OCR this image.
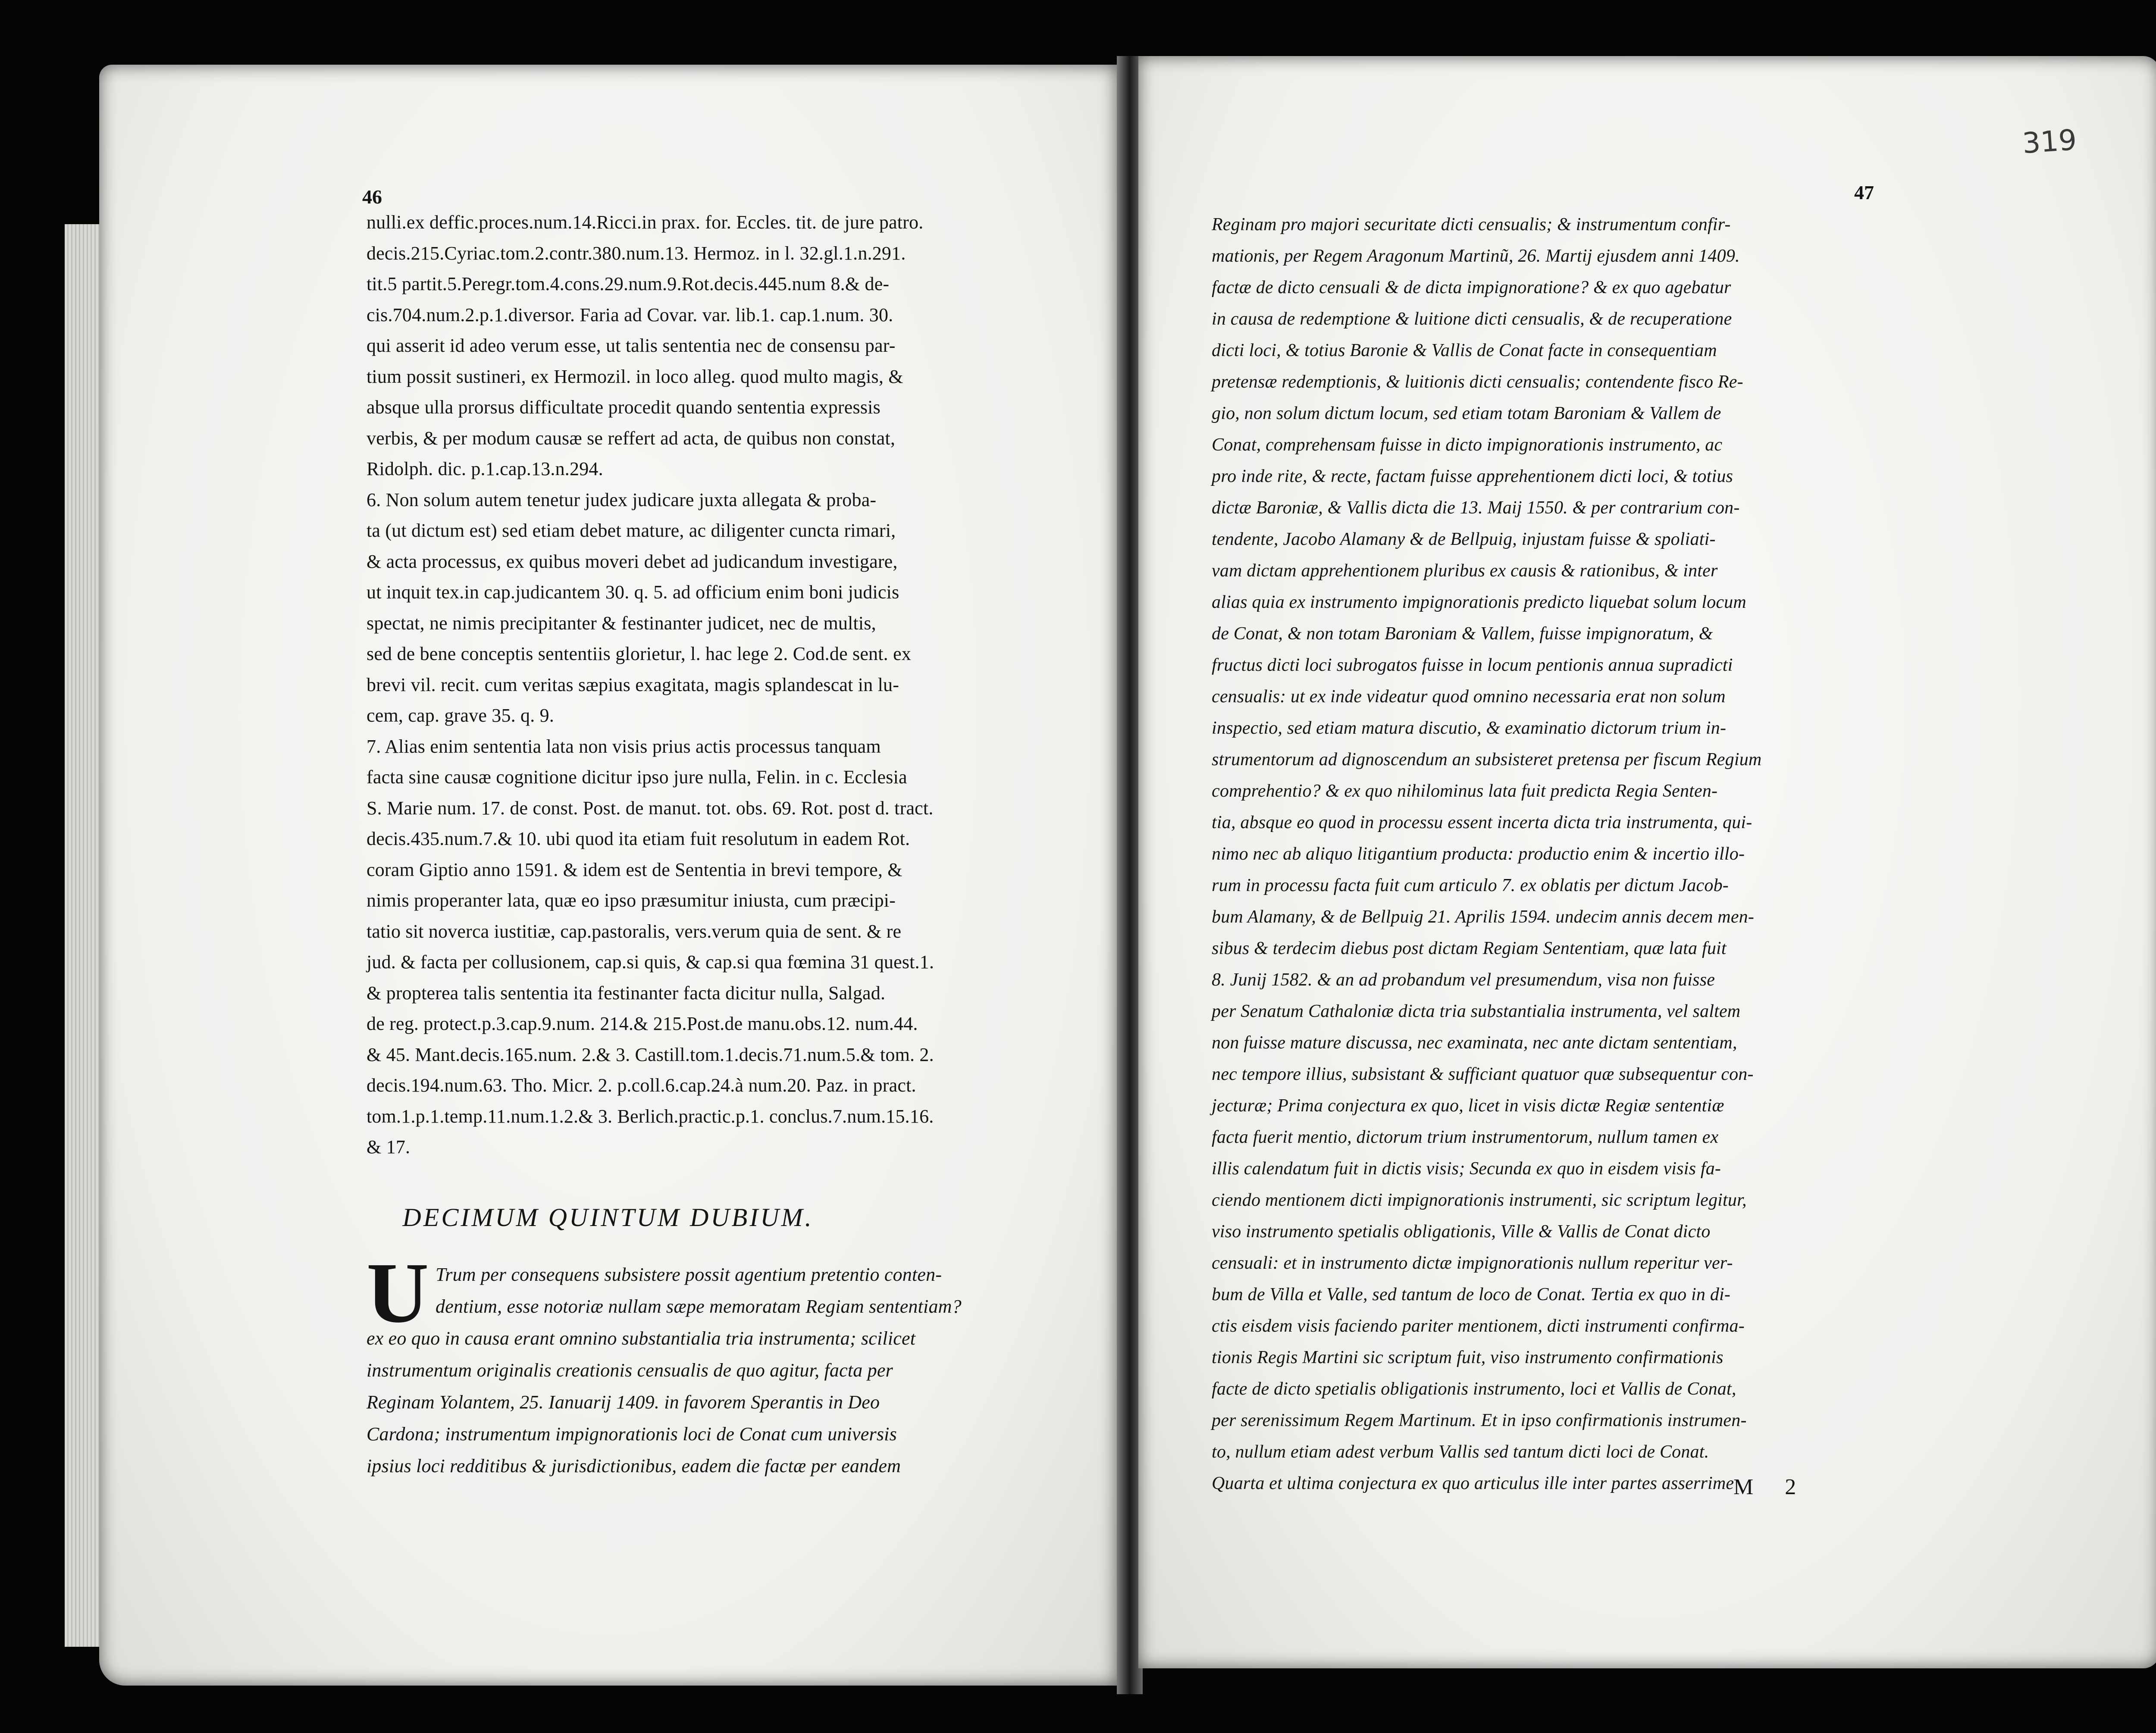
46
nulli.ex deffic.proces.num.14.Ricci.in prax. for. Eccles. tit. de jure patro.
decis.215.Cyriac.tom.2.contr.380.num.13. Hermoz. in l. 32.gl.1.n.291.
tit.5 partit.5.Peregr.tom.4.cons.29.num.9.Rot.decis.445.num 8.& de-
cis.704.num.2.p.1.diversor. Faria ad Covar. var. lib.1. cap.1.num. 30.
qui asserit id adeo verum esse, ut talis sententia nec de consensu par-
tium possit sustineri, ex Hermozil. in loco alleg. quod multo magis, &
absque ulla prorsus difficultate procedit quando sententia expressis
verbis, & per modum causæ se reffert ad acta, de quibus non constat,
Ridolph. dic. p.1.cap.13.n.294.
6. Non solum autem tenetur judex judicare juxta allegata & proba-
ta (ut dictum est) sed etiam debet mature, ac diligenter cuncta rimari,
& acta processus, ex quibus moveri debet ad judicandum investigare,
ut inquit tex.in cap.judicantem 30. q. 5. ad officium enim boni judicis
spectat, ne nimis precipitanter & festinanter judicet, nec de multis,
sed de bene conceptis sententiis glorietur, l. hac lege 2. Cod.de sent. ex
brevi vil. recit. cum veritas sæpius exagitata, magis splandescat in lu-
cem, cap. grave 35. q. 9.
7. Alias enim sententia lata non visis prius actis processus tanquam
facta sine causæ cognitione dicitur ipso jure nulla, Felin. in c. Ecclesia
S. Marie num. 17. de const. Post. de manut. tot. obs. 69. Rot. post d. tract.
decis.435.num.7.& 10. ubi quod ita etiam fuit resolutum in eadem Rot.
coram Giptio anno 1591. & idem est de Sententia in brevi tempore, &
nimis properanter lata, quæ eo ipso præsumitur iniusta, cum præcipi-
tatio sit noverca iustitiæ, cap.pastoralis, vers.verum quia de sent. & re
jud. & facta per collusionem, cap.si quis, & cap.si qua fœmina 31 quest.1.
& propterea talis sententia ita festinanter facta dicitur nulla, Salgad.
de reg. protect.p.3.cap.9.num. 214.& 215.Post.de manu.obs.12. num.44.
& 45. Mant.decis.165.num. 2.& 3. Castill.tom.1.decis.71.num.5.& tom. 2.
decis.194.num.63. Tho. Micr. 2. p.coll.6.cap.24.à num.20. Paz. in pract.
tom.1.p.1.temp.11.num.1.2.& 3. Berlich.practic.p.1. conclus.7.num.15.16.
& 17.
DECIMUM QUINTUM DUBIUM.
U Trum per consequens subsistere possit agentium pretentio conten-
dentium, esse notoriæ nullam sæpe memoratam Regiam sententiam?
ex eo quo in causa erant omnino substantialia tria instrumenta; scilicet
instrumentum originalis creationis censualis de quo agitur, facta per
Reginam Yolantem, 25. Ianuarij 1409. in favorem Sperantis in Deo
Cardona; instrumentum impignorationis loci de Conat cum universis
ipsius loci redditibus & jurisdictionibus, eadem die factæ per eandem
319
47
Reginam pro majori securitate dicti censualis; & instrumentum confir-
mationis, per Regem Aragonum Martinũ, 26. Martij ejusdem anni 1409.
factæ de dicto censuali & de dicta impignoratione? & ex quo agebatur
in causa de redemptione & luitione dicti censualis, & de recuperatione
dicti loci, & totius Baronie & Vallis de Conat facte in consequentiam
pretensæ redemptionis, & luitionis dicti censualis; contendente fisco Re-
gio, non solum dictum locum, sed etiam totam Baroniam & Vallem de
Conat, comprehensam fuisse in dicto impignorationis instrumento, ac
pro inde rite, & recte, factam fuisse apprehentionem dicti loci, & totius
dictæ Baroniæ, & Vallis dicta die 13. Maij 1550. & per contrarium con-
tendente, Jacobo Alamany & de Bellpuig, injustam fuisse & spoliati-
vam dictam apprehentionem pluribus ex causis & rationibus, & inter
alias quia ex instrumento impignorationis predicto liquebat solum locum
de Conat, & non totam Baroniam & Vallem, fuisse impignoratum, &
fructus dicti loci subrogatos fuisse in locum pentionis annua supradicti
censualis: ut ex inde videatur quod omnino necessaria erat non solum
inspectio, sed etiam matura discutio, & examinatio dictorum trium in-
strumentorum ad dignoscendum an subsisteret pretensa per fiscum Regium
comprehentio? & ex quo nihilominus lata fuit predicta Regia Senten-
tia, absque eo quod in processu essent incerta dicta tria instrumenta, qui-
nimo nec ab aliquo litigantium producta: productio enim & incertio illo-
rum in processu facta fuit cum articulo 7. ex oblatis per dictum Jacob-
bum Alamany, & de Bellpuig 21. Aprilis 1594. undecim annis decem men-
sibus & terdecim diebus post dictam Regiam Sententiam, quæ lata fuit
8. Junij 1582. & an ad probandum vel presumendum, visa non fuisse
per Senatum Cathaloniæ dicta tria substantialia instrumenta, vel saltem
non fuisse mature discussa, nec examinata, nec ante dictam sententiam,
nec tempore illius, subsistant & sufficiant quatuor quæ subsequentur con-
jecturæ; Prima conjectura ex quo, licet in visis dictæ Regiæ sententiæ
facta fuerit mentio, dictorum trium instrumentorum, nullum tamen ex
illis calendatum fuit in dictis visis; Secunda ex quo in eisdem visis fa-
ciendo mentionem dicti impignorationis instrumenti, sic scriptum legitur,
viso instrumento spetialis obligationis, Ville & Vallis de Conat dicto
censuali: et in instrumento dictæ impignorationis nullum reperitur ver-
bum de Villa et Valle, sed tantum de loco de Conat. Tertia ex quo in di-
ctis eisdem visis faciendo pariter mentionem, dicti instrumenti confirma-
tionis Regis Martini sic scriptum fuit, viso instrumento confirmationis
facte de dicto spetialis obligationis instrumento, loci et Vallis de Conat,
per serenissimum Regem Martinum. Et in ipso confirmationis instrumen-
to, nullum etiam adest verbum Vallis sed tantum dicti loci de Conat.
Quarta et ultima conjectura ex quo articulus ille inter partes asserrime
M 2
